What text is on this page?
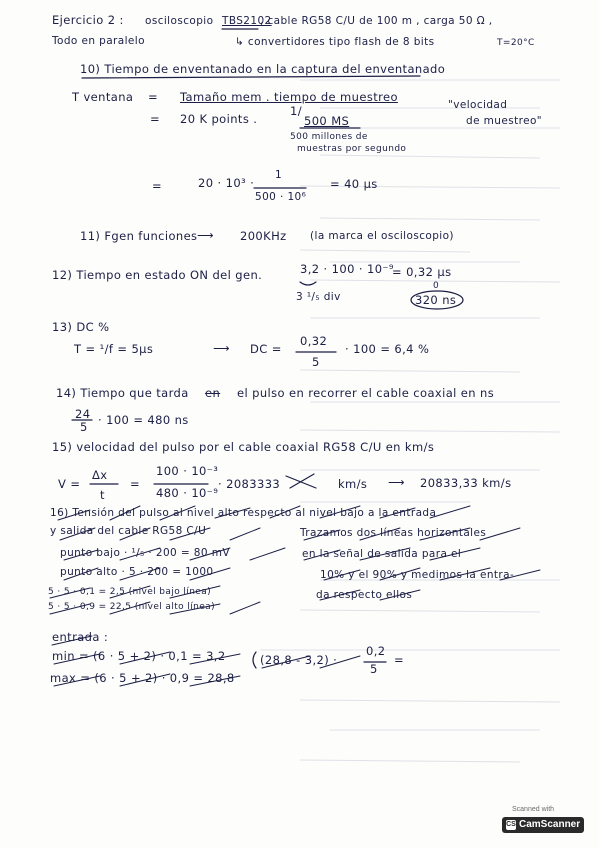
Ejercicio 2 : osciloscopio TBS2102
, cable RG58 C/U de 100 m , carga 50 Ω ,
Todo en paralelo	↳ convertidores tipo flash de 8 bits	T=20°C
10) Tiempo de enventanado en la captura del enventanado
T ventana = Tamaño mem . tiempo de muestreo
= 20 K points .
1/
500 MS
500 millones de
muestras por segundo
"velocidad
de muestreo"
=	20 · 10³ ·
1
500 · 10⁶
= 40 µs
11) Fgen funciones ⟶ 200KHz (la marca el osciloscopio)
12) Tiempo en estado ON del gen.	3,2 · 100 · 10⁻⁹
= 0,32 µs
3 ¹/₅ div
0
320 ns
13) DC %
T = ¹/f = 5µs	⟶ DC =
0,32
5
· 100 = 6,4 %
14) Tiempo que tarda en el pulso en recorrer el cable coaxial en ns
24
5 · 100 = 480 ns
15) velocidad del pulso por el cable coaxial RG58 C/U en km/s
V =
Δx
t
=
100 · 10⁻³
480 · 10⁻⁹
· 2083333	km/s ⟶ 20833,33 km/s
16) Tensión del pulso al nivel alto respecto al nivel bajo a la entrada
y salida del cable RG58 C/U
punto bajo · ¹/₅ · 200 = 80 mV
punto alto · 5 · 200 = 1000
5 · 5 · 0,1 = 2,5 (nivel bajo línea)
5 · 5 · 0,9 = 22,5 (nivel alto línea)
Trazamos dos líneas horizontales
en la señal de salida para el
10% y el 90% y medimos la entra-
da respecto ellos
entrada :
min = (6 · 5 + 2) · 0,1 = 3,2
max = (6 · 5 + 2) · 0,9 = 28,8
(28,8 - 3,2) ·
0,2
5
=
Scanned with
CS CamScanner
